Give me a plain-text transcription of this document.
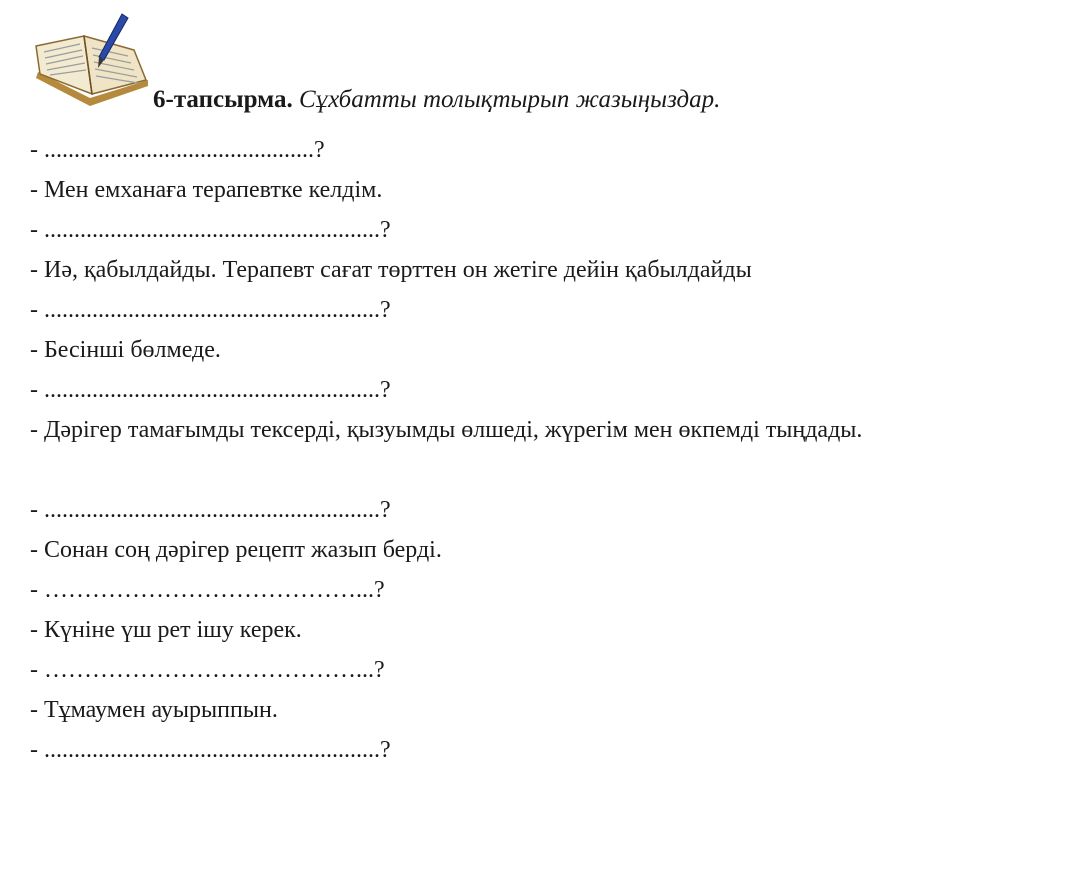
6-тапсырма. Сұхбатты толықтырып жазыңыздар.
- .............................................?
- Мен емханаға терапевтке келдім.
- ........................................................?
- Иә, қабылдайды. Терапевт сағат төрттен он жетіге дейін қабылдайды
- ........................................................?
- Бесінші бөлмеде.
- ........................................................?
- Дәрігер тамағымды тексерді, қызуымды өлшеді, жүрегім мен өкпемді тыңдады.
- ........................................................?
- Сонан соң дәрігер рецепт жазып берді.
- …………………………………...?
- Күніне үш рет ішу керек.
- …………………………………...?
- Тұмаумен ауырыппын.
- ........................................................?
